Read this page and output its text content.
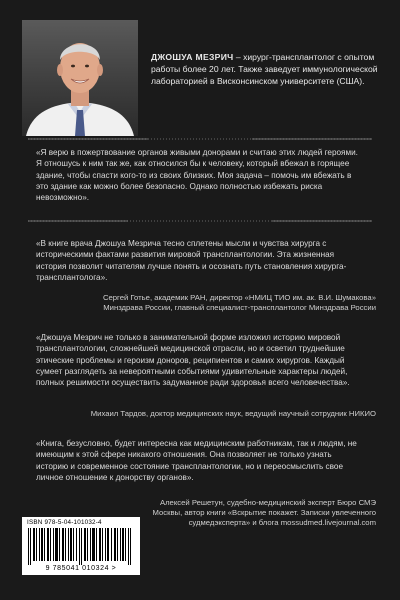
ДЖОШУА МЕЗРИЧ – хирург-трансплантолог с опытом работы более 20 лет. Также заведует иммунологической лабораторией в Висконсинском университете (США).

«Я верю в пожертвование органов живыми донорами и считаю этих людей героями. Я отношусь к ним так же, как относился бы к человеку, который вбежал в горящее здание, чтобы спасти кого-то из своих близких. Моя задача – помочь им вбежать в это здание как можно более безопасно. Однако полностью избежать риска невозможно».

«В книге врача Джошуа Мезрича тесно сплетены мысли и чувства хирурга с историческими фактами развития мировой трансплантологии. Эта жизненная история позволит читателям лучше понять и осознать путь становления хирурга-трансплантолога».

Сергей Готье, академик РАН, директор «НМИЦ ТИО им. ак. В.И. Шумакова» Минздрава России, главный специалист-трансплантолог Минздрава России

«Джошуа Мезрич не только в занимательной форме изложил историю мировой трансплантологии, сложнейшей медицинской отрасли, но и осветил труднейшие этические проблемы и героизм доноров, реципиентов и самих хирургов. Каждый сумеет разглядеть за невероятными событиями удивительные характеры людей, полных решимости осуществить задуманное ради здоровья всего человечества».

Михаил Тардов, доктор медицинских наук, ведущий научный сотрудник НИКИО

«Книга, безусловно, будет интересна как медицинским работникам, так и людям, не имеющим к этой сфере никакого отношения. Она позволяет не только узнать историю и современное состояние трансплантологии, но и переосмыслить свое личное отношение к донорству органов».

Алексей Решетун, судебно-медицинский эксперт Бюро СМЭ Москвы, автор книги «Вскрытие покажет. Записки увлеченного судмедэксперта» и блога mossudmed.livejournal.com
ISBN 978-5-04-101032-4
9 785041 010324 >
